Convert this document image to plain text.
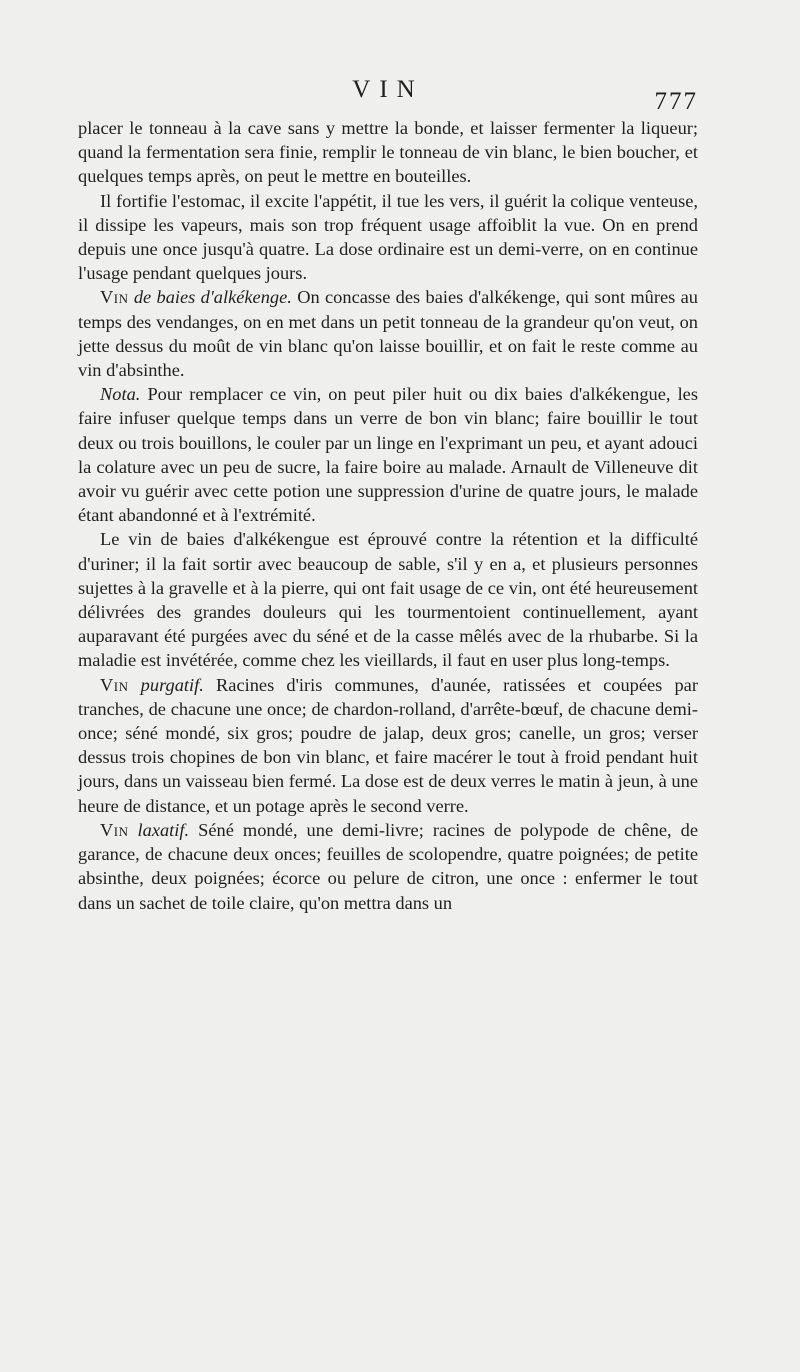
VIN	777

placer le tonneau à la cave sans y mettre la bonde, et laisser fermenter la liqueur; quand la fermentation sera finie, remplir le tonneau de vin blanc, le bien boucher, et quelques temps après, on peut le mettre en bouteilles.

Il fortifie l'estomac, il excite l'appétit, il tue les vers, il guérit la colique venteuse, il dissipe les vapeurs, mais son trop fréquent usage affoiblit la vue. On en prend depuis une once jusqu'à quatre. La dose ordinaire est un demi-verre, on en continue l'usage pendant quelques jours.

Vin de baies d'alkékenge. On concasse des baies d'alkékenge, qui sont mûres au temps des vendanges, on en met dans un petit tonneau de la grandeur qu'on veut, on jette dessus du moût de vin blanc qu'on laisse bouillir, et on fait le reste comme au vin d'absinthe.

Nota. Pour remplacer ce vin, on peut piler huit ou dix baies d'alkékengue, les faire infuser quelque temps dans un verre de bon vin blanc; faire bouillir le tout deux ou trois bouillons, le couler par un linge en l'exprimant un peu, et ayant adouci la colature avec un peu de sucre, la faire boire au malade. Arnault de Villeneuve dit avoir vu guérir avec cette potion une suppression d'urine de quatre jours, le malade étant abandonné et à l'extrémité.

Le vin de baies d'alkékengue est éprouvé contre la rétention et la difficulté d'uriner; il la fait sortir avec beaucoup de sable, s'il y en a, et plusieurs personnes sujettes à la gravelle et à la pierre, qui ont fait usage de ce vin, ont été heureusement délivrées des grandes douleurs qui les tourmentoient continuellement, ayant auparavant été purgées avec du séné et de la casse mêlés avec de la rhubarbe. Si la maladie est invétérée, comme chez les vieillards, il faut en user plus long-temps.

Vin purgatif. Racines d'iris communes, d'aunée, ratissées et coupées par tranches, de chacune une once; de chardon-rolland, d'arrête-bœuf, de chacune demi-once; séné mondé, six gros; poudre de jalap, deux gros; canelle, un gros; verser dessus trois chopines de bon vin blanc, et faire macérer le tout à froid pendant huit jours, dans un vaisseau bien fermé. La dose est de deux verres le matin à jeun, à une heure de distance, et un potage après le second verre.

Vin laxatif. Séné mondé, une demi-livre; racines de polypode de chêne, de garance, de chacune deux onces; feuilles de scolopendre, quatre poignées; de petite absinthe, deux poignées; écorce ou pelure de citron, une once : enfermer le tout dans un sachet de toile claire, qu'on mettra dans un
